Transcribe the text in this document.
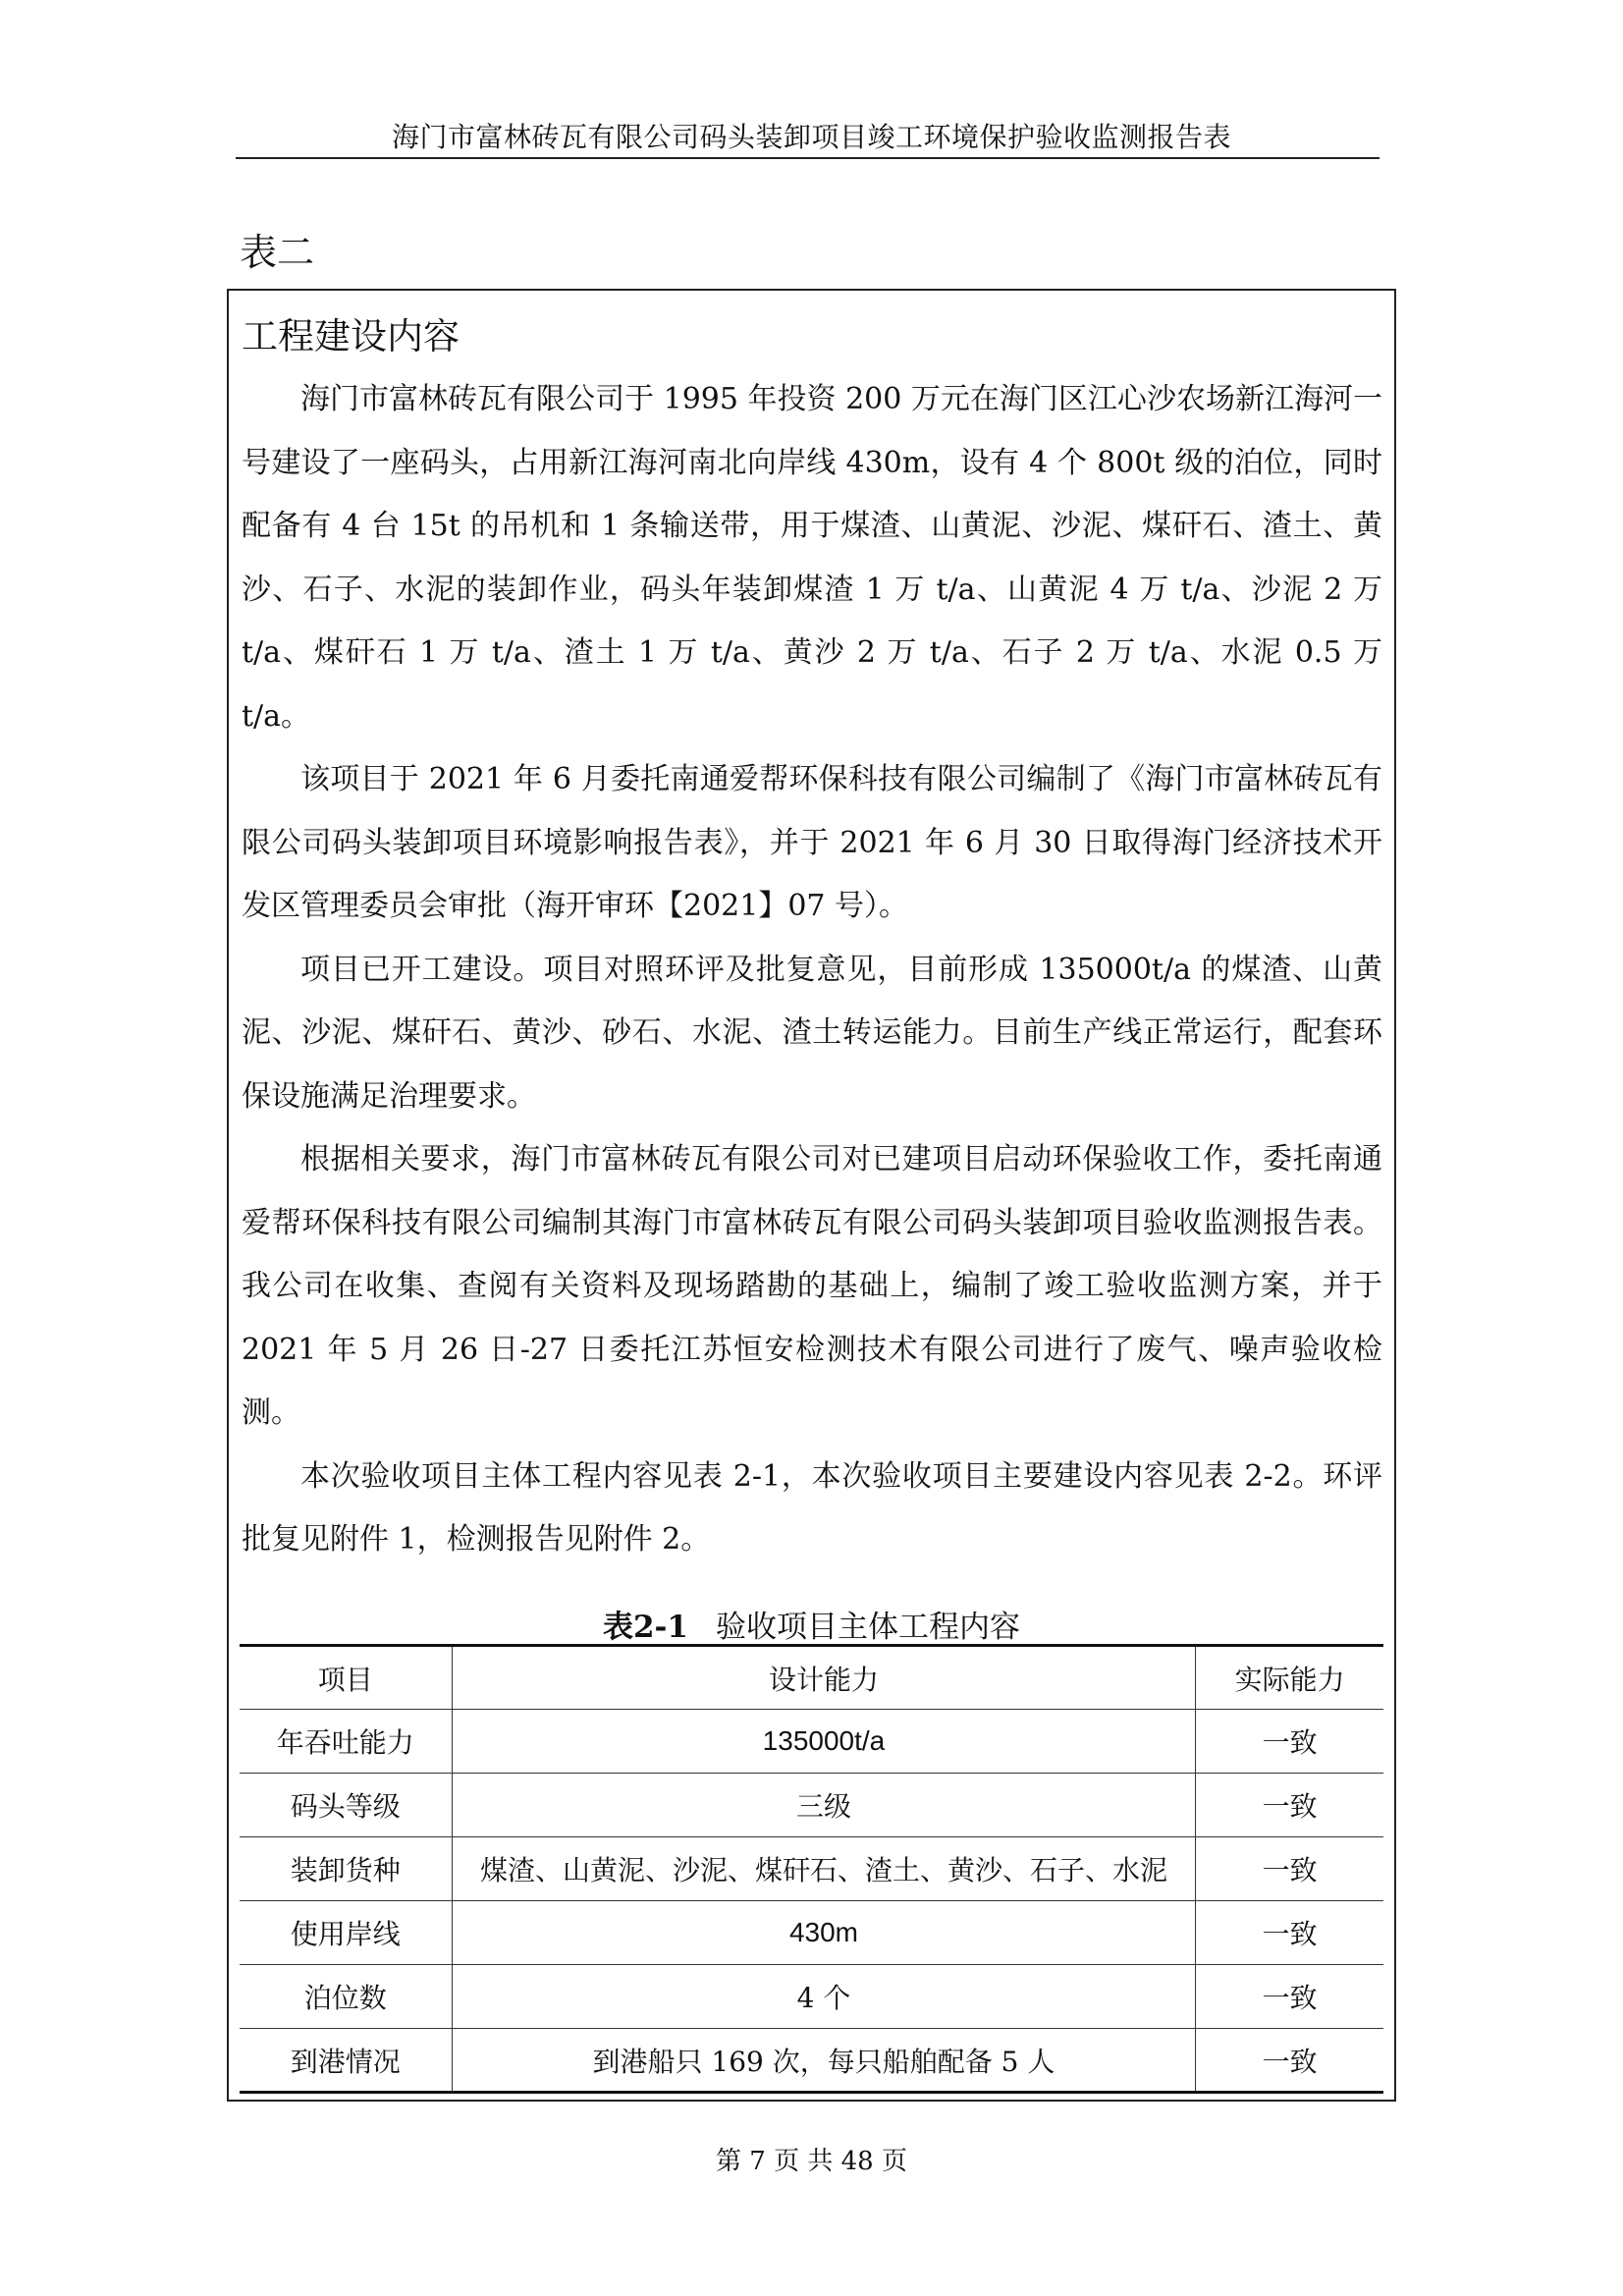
海门市富林砖瓦有限公司码头装卸项目竣工环境保护验收监测报告表
表二
工程建设内容

海门市富林砖瓦有限公司于 1995 年投资 200 万元在海门区江心沙农场新江海河一号建设了一座码头，占用新江海河南北向岸线 430m，设有 4 个 800t 级的泊位，同时配备有 4 台 15t 的吊机和 1 条输送带，用于煤渣、山黄泥、沙泥、煤矸石、渣土、黄沙、石子、水泥的装卸作业，码头年装卸煤渣 1 万 t/a、山黄泥 4 万 t/a、沙泥 2 万 t/a、煤矸石 1 万 t/a、渣土 1 万 t/a、黄沙 2 万 t/a、石子 2 万 t/a、水泥 0.5 万 t/a。

该项目于 2021 年 6 月委托南通爱帮环保科技有限公司编制了《海门市富林砖瓦有限公司码头装卸项目环境影响报告表》，并于 2021 年 6 月 30 日取得海门经济技术开发区管理委员会审批（海开审环【2021】07 号）。

项目已开工建设。项目对照环评及批复意见，目前形成 135000t/a 的煤渣、山黄泥、沙泥、煤矸石、黄沙、砂石、水泥、渣土转运能力。目前生产线正常运行，配套环保设施满足治理要求。

根据相关要求，海门市富林砖瓦有限公司对已建项目启动环保验收工作，委托南通爱帮环保科技有限公司编制其海门市富林砖瓦有限公司码头装卸项目验收监测报告表。我公司在收集、查阅有关资料及现场踏勘的基础上，编制了竣工验收监测方案，并于 2021 年 5 月 26 日-27 日委托江苏恒安检测技术有限公司进行了废气、噪声验收检测。

本次验收项目主体工程内容见表 2-1，本次验收项目主要建设内容见表 2-2。环评批复见附件 1，检测报告见附件 2。

表2-1 验收项目主体工程内容
项目	设计能力	实际能力
年吞吐能力	135000t/a	一致
码头等级	三级	一致
装卸货种	煤渣、山黄泥、沙泥、煤矸石、渣土、黄沙、石子、水泥	一致
使用岸线	430m	一致
泊位数	4 个	一致
到港情况	到港船只 169 次，每只船舶配备 5 人	一致
第 7 页 共 48 页
